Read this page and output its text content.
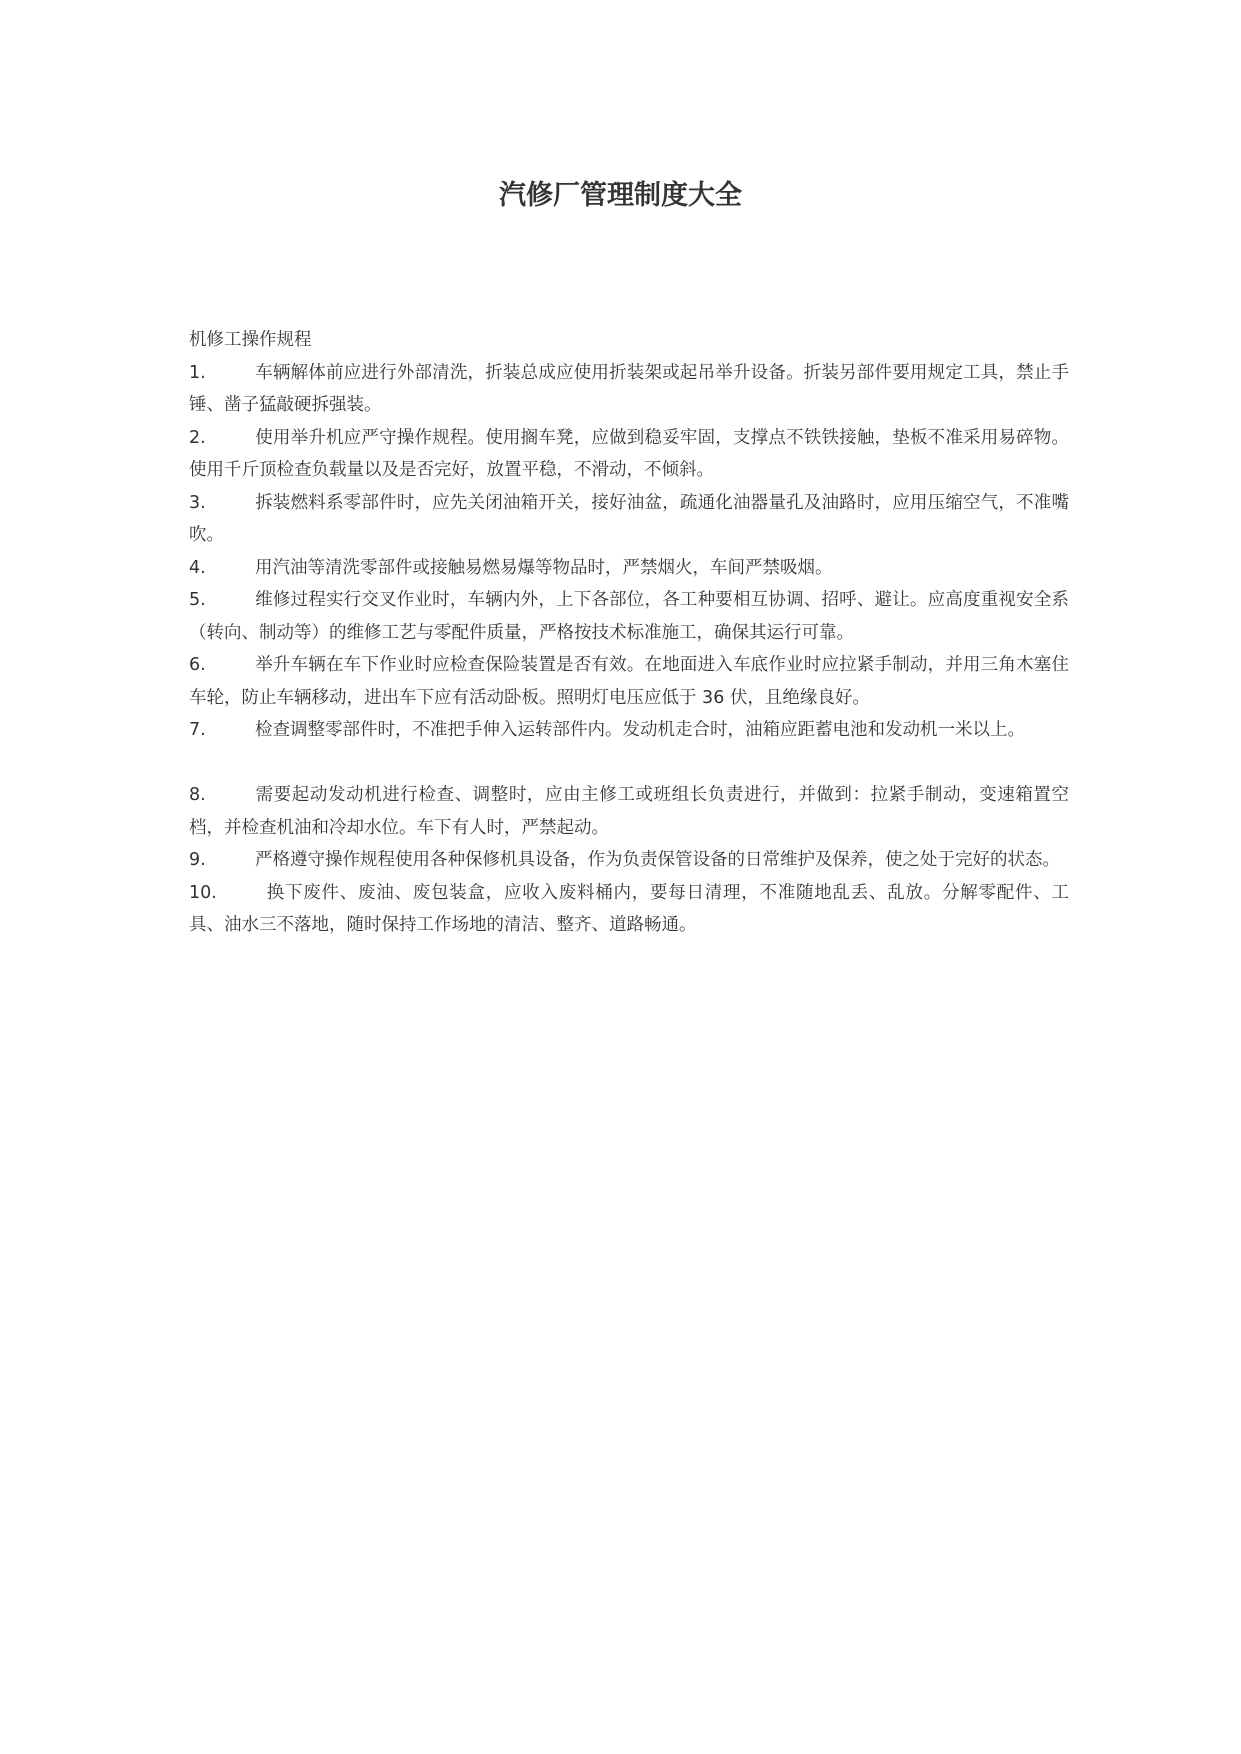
汽修厂管理制度大全
机修工操作规程
1.	车辆解体前应进行外部清洗，折装总成应使用折装架或起吊举升设备。折装另部件要用规定工具，禁止手锤、凿子猛敲硬拆强装。
2.	使用举升机应严守操作规程。使用搁车凳，应做到稳妥牢固，支撑点不铁铁接触，垫板不准采用易碎物。使用千斤顶检查负载量以及是否完好，放置平稳，不滑动，不倾斜。
3.	拆装燃料系零部件时，应先关闭油箱开关，接好油盆，疏通化油器量孔及油路时，应用压缩空气，不准嘴吹。
4.	用汽油等清洗零部件或接触易燃易爆等物品时，严禁烟火，车间严禁吸烟。
5.	维修过程实行交叉作业时，车辆内外，上下各部位，各工种要相互协调、招呼、避让。应高度重视安全系（转向、制动等）的维修工艺与零配件质量，严格按技术标准施工，确保其运行可靠。
6.	举升车辆在车下作业时应检查保险装置是否有效。在地面进入车底作业时应拉紧手制动，并用三角木塞住车轮，防止车辆移动，进出车下应有活动卧板。照明灯电压应低于 36 伏，且绝缘良好。
7.	检查调整零部件时，不准把手伸入运转部件内。发动机走合时，油箱应距蓄电池和发动机一米以上。
8.	需要起动发动机进行检查、调整时，应由主修工或班组长负责进行，并做到：拉紧手制动，变速箱置空档，并检查机油和冷却水位。车下有人时，严禁起动。
9.	严格遵守操作规程使用各种保修机具设备，作为负责保管设备的日常维护及保养，使之处于完好的状态。
10.	换下废件、废油、废包装盒，应收入废料桶内，要每日清理，不准随地乱丢、乱放。分解零配件、工具、油水三不落地，随时保持工作场地的清洁、整齐、道路畅通。
